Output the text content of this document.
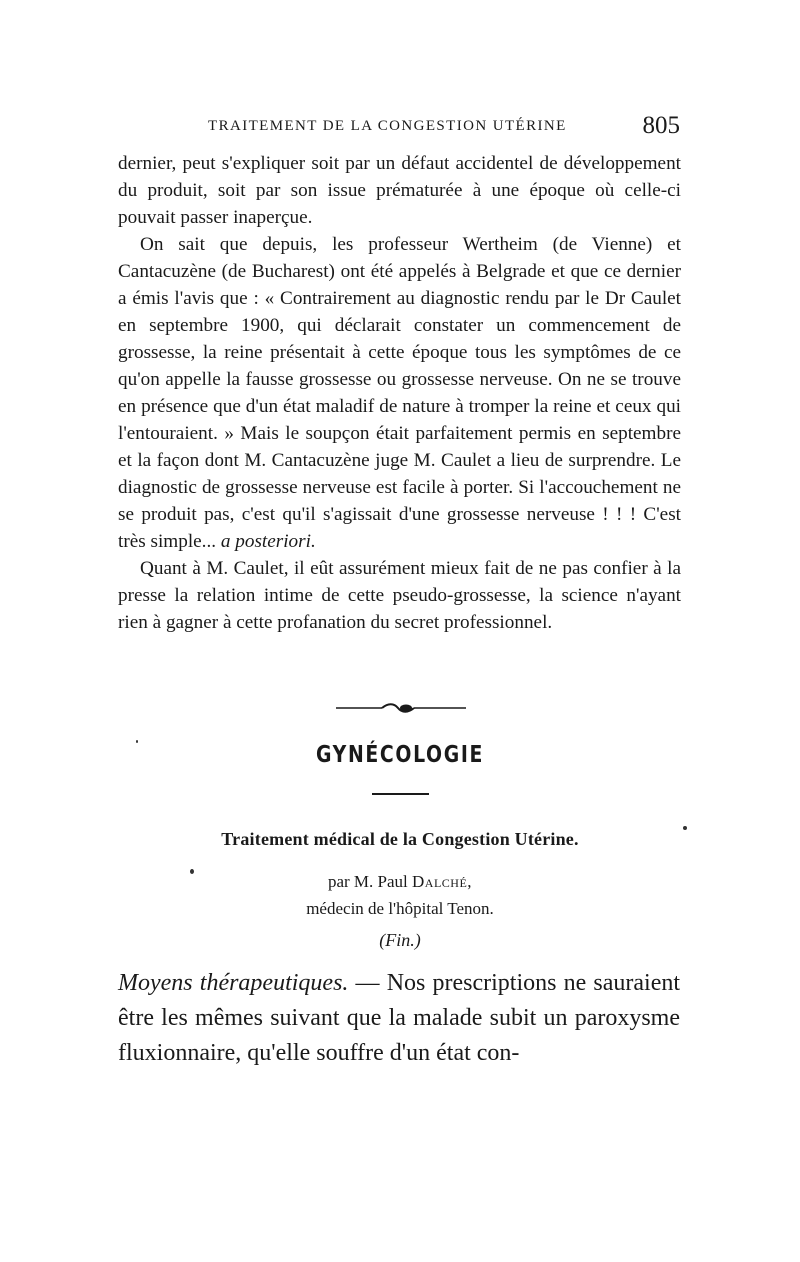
TRAITEMENT DE LA CONGESTION UTÉRINE	805

dernier, peut s'expliquer soit par un défaut accidentel de développement du produit, soit par son issue prématurée à une époque où celle-ci pouvait passer inaperçue.

On sait que depuis, les professeur Wertheim (de Vienne) et Cantacuzène (de Bucharest) ont été appelés à Belgrade et que ce dernier a émis l'avis que : « Contrairement au diagnostic rendu par le Dr Caulet en septembre 1900, qui déclarait constater un commencement de grossesse, la reine présentait à cette époque tous les symptômes de ce qu'on appelle la fausse grossesse ou grossesse nerveuse. On ne se trouve en présence que d'un état maladif de nature à tromper la reine et ceux qui l'entouraient. » Mais le soupçon était parfaitement permis en septembre et la façon dont M. Cantacuzène juge M. Caulet a lieu de surprendre. Le diagnostic de grossesse nerveuse est facile à porter. Si l'accouchement ne se produit pas, c'est qu'il s'agissait d'une grossesse nerveuse ! ! ! C'est très simple... a posteriori.

Quant à M. Caulet, il eût assurément mieux fait de ne pas confier à la presse la relation intime de cette pseudo-grossesse, la science n'ayant rien à gagner à cette profanation du secret professionnel.

GYNÉCOLOGIE
Traitement médical de la Congestion Utérine.
par M. Paul Dalché,
médecin de l'hôpital Tenon.
(Fin.)

Moyens thérapeutiques. — Nos prescriptions ne sauraient être les mêmes suivant que la malade subit un paroxysme fluxionnaire, qu'elle souffre d'un état con-
